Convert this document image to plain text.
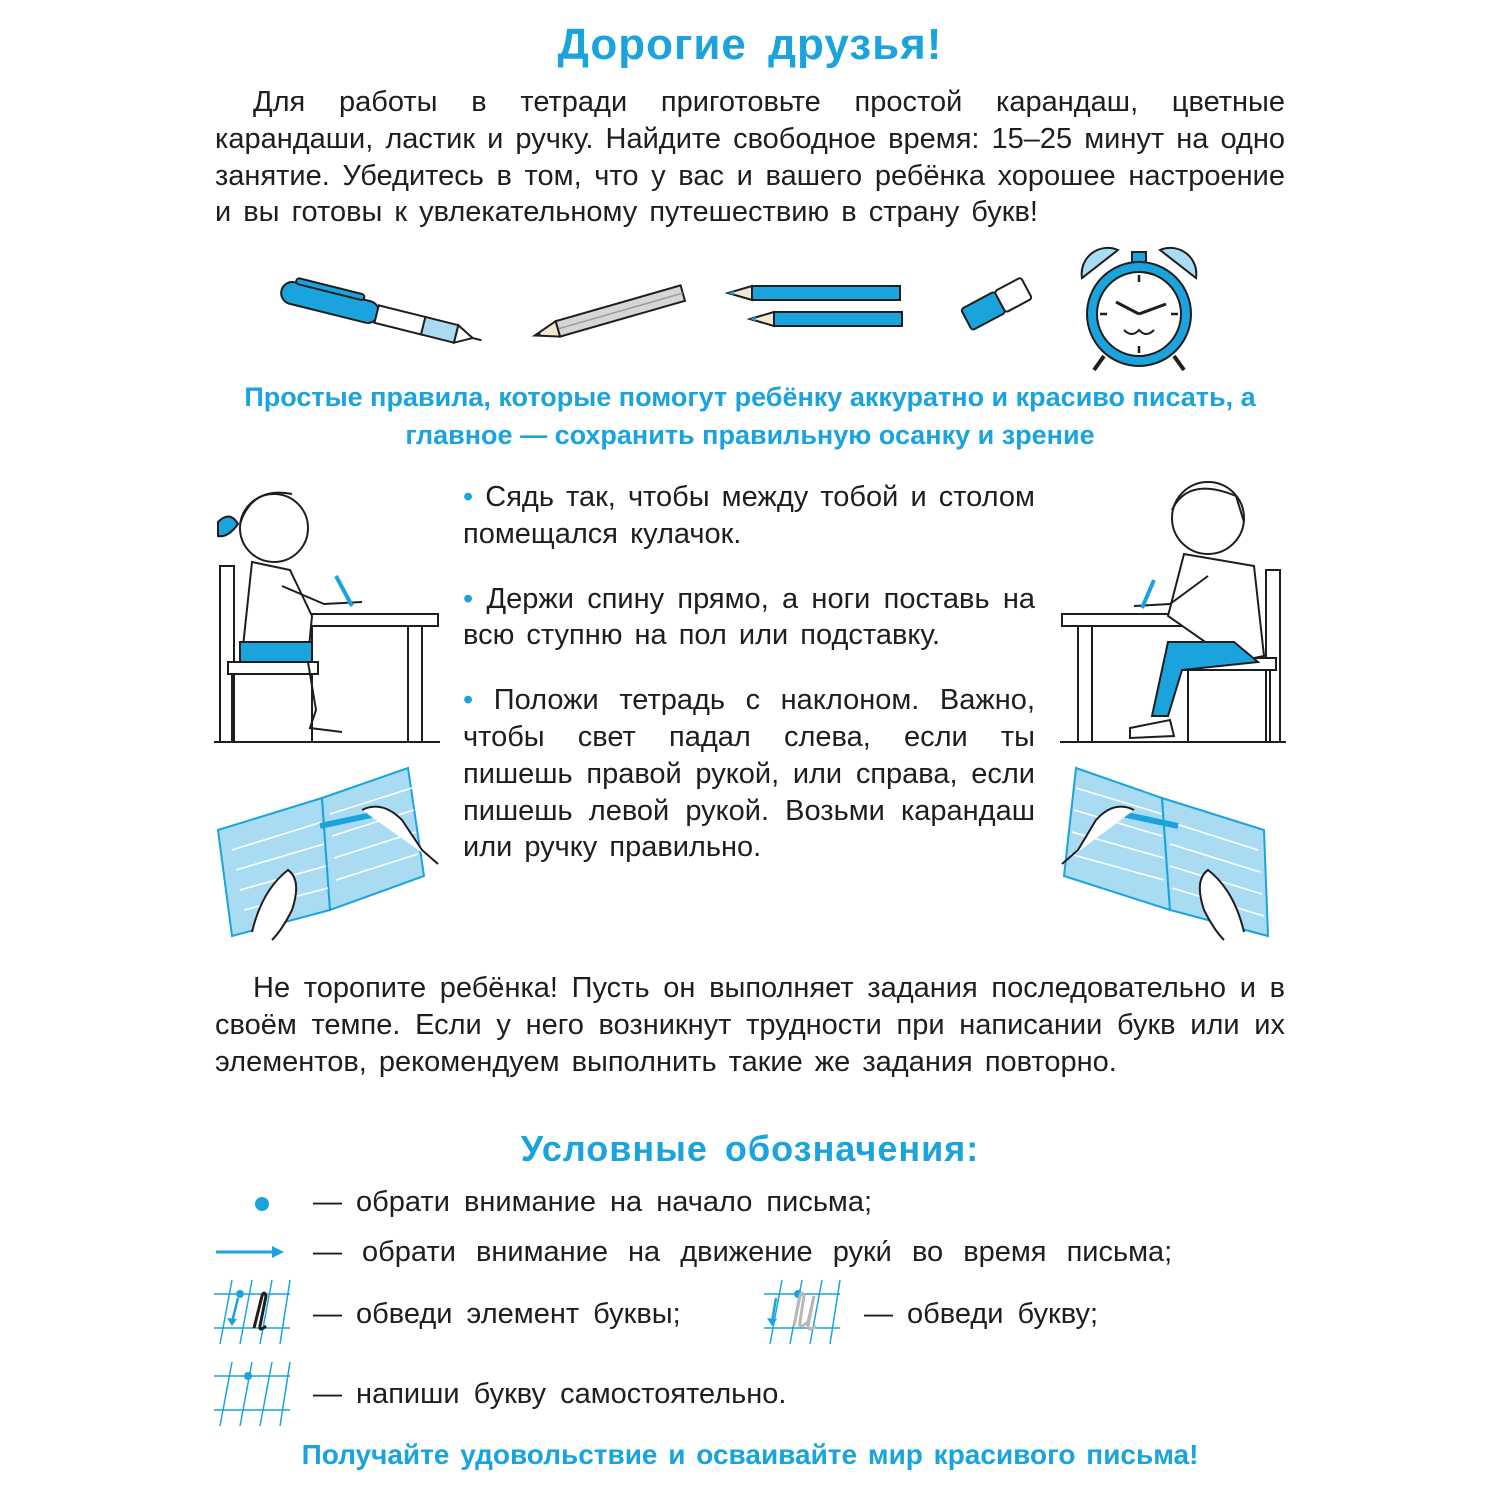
Дорогие друзья!
Для работы в тетради приготовьте простой карандаш, цветные карандаши, ластик и ручку. Найдите свободное время: 15–25 минут на одно занятие. Убедитесь в том, что у вас и вашего ребёнка хорошее настроение и вы готовы к увлекательному путешествию в страну букв!
Простые правила, которые помогут ребёнку аккуратно и красиво писать, а главное — сохранить правильную осанку и зрение

• Сядь так, чтобы между тобой и столом помещался кулачок.

• Держи спину прямо, а ноги поставь на всю ступню на пол или подставку.

• Положи тетрадь с наклоном. Важно, чтобы свет падал слева, если ты пишешь правой рукой, или справа, если пишешь левой рукой. Возьми карандаш или ручку правильно.

Не торопите ребёнка! Пусть он выполняет задания последовательно и в своём темпе. Если у него возникнут трудности при написании букв или их элементов, рекомендуем выполнить такие же задания повторно.
Условные обозначения:
— обрати внимание на начало письма;
— обрати внимание на движение руки́ во время письма;
— обведи элемент буквы;	— обведи букву;
— напиши букву самостоятельно.
Получайте удовольствие и осваивайте мир красивого письма!
